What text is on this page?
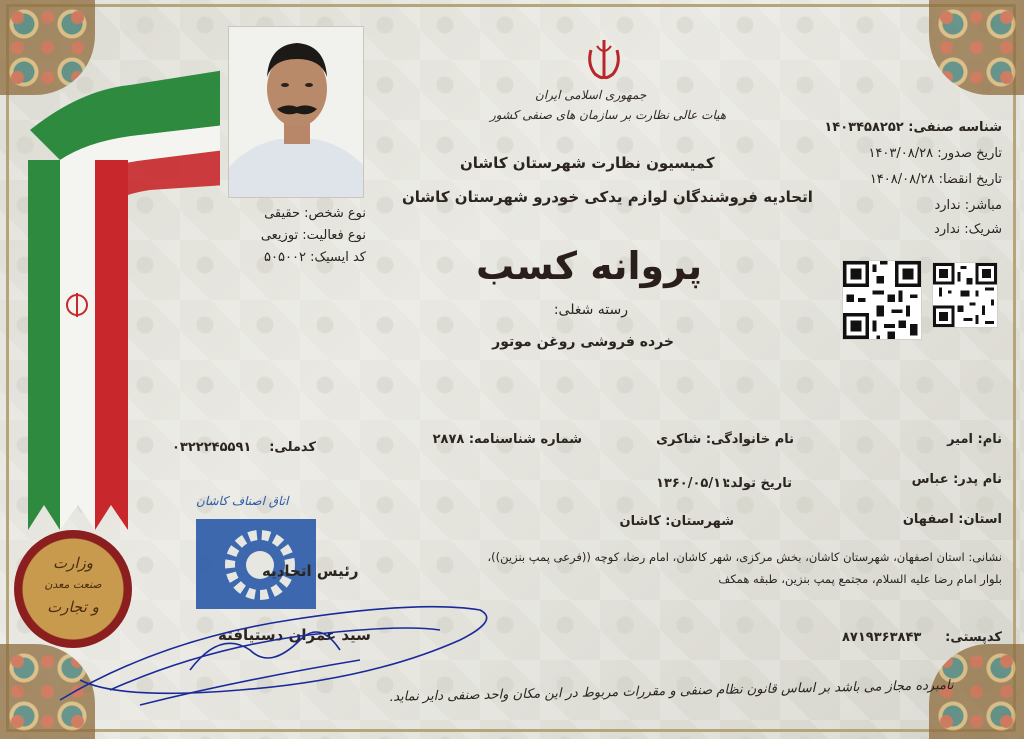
نوع شخص: حقیقی
نوع فعالیت: توزیعی
کد ایسیک: ۵۰۵۰۰۲
جمهوری اسلامی ایران
هیات عالی نظارت بر سازمان های صنفی کشور
کمیسیون نظارت شهرستان کاشان
اتحادیه فروشندگان لوازم یدکی خودرو شهرستان کاشان
پروانه کسب
رسته شغلی:
خرده فروشی روغن موتور
شناسه صنفی: ۱۴۰۳۴۵۸۲۵۲
تاریخ صدور: ۱۴۰۳/۰۸/۲۸
تاریخ انقضا: ۱۴۰۸/۰۸/۲۸
مباشر: ندارد
شریک: ندارد
نام: امیر
نام خانوادگی: شاکری
شماره شناسنامه: ۲۸۷۸
کدملی:
۰۳۲۲۲۴۵۵۹۱
نام پدر: عباس
تاریخ تولد:
۱۳۶۰/۰۵/۱۱
استان: اصفهان
شهرستان: کاشان
نشانی: استان اصفهان، شهرستان کاشان، بخش مرکزی، شهر کاشان، امام رضا، کوچه ((فرعی پمپ بنزین))،
بلوار امام رضا علیه السلام، مجتمع پمپ بنزین، طبقه همکف
کدپستی:
۸۷۱۹۳۶۳۸۴۳
اتاق اصناف کاشان
رئیس اتحادیه
سید عمران دستیافته
وزارت
صنعت معدن
و تجارت
نامبرده مجاز می باشد بر اساس قانون نظام صنفی و مقررات مربوط در این مکان واحد صنفی دایر نماید.
